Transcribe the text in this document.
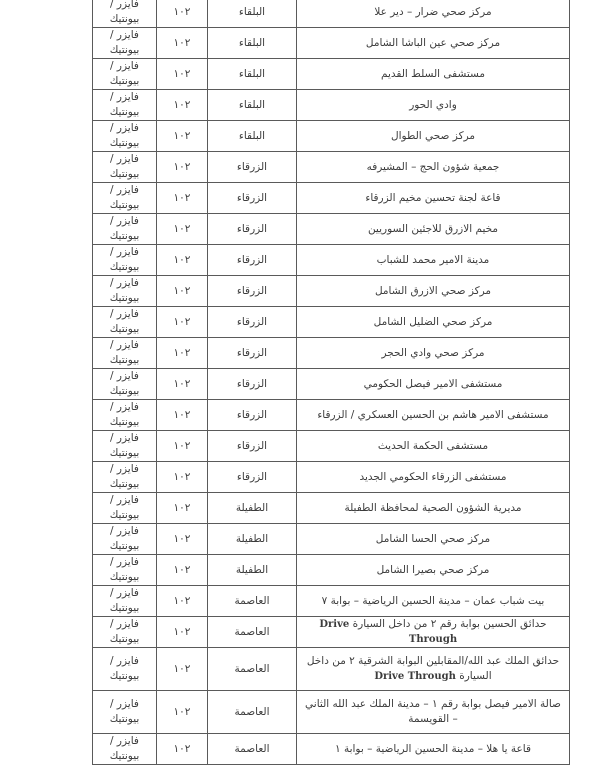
مركز صحي ضرار – دير علا	البلقاء	١٠٢	فايزر / بيونتيك
مركز صحي عين الباشا الشامل	البلقاء	١٠٢	فايزر / بيونتيك
مستشفى السلط القديم	البلقاء	١٠٢	فايزر / بيونتيك
وادي الحور	البلقاء	١٠٢	فايزر / بيونتيك
مركز صحي الطوال	البلقاء	١٠٢	فايزر / بيونتيك
جمعية شؤون الحج – المشيرفه	الزرقاء	١٠٢	فايزر / بيونتيك
قاعة لجنة تحسين مخيم الزرقاء	الزرقاء	١٠٢	فايزر / بيونتيك
مخيم الازرق للاجئين السوريين	الزرقاء	١٠٢	فايزر / بيونتيك
مدينة الامير محمد للشباب	الزرقاء	١٠٢	فايزر / بيونتيك
مركز صحي الازرق الشامل	الزرقاء	١٠٢	فايزر / بيونتيك
مركز صحي الضليل الشامل	الزرقاء	١٠٢	فايزر / بيونتيك
مركز صحي وادي الحجر	الزرقاء	١٠٢	فايزر / بيونتيك
مستشفى الامير فيصل الحكومي	الزرقاء	١٠٢	فايزر / بيونتيك
مستشفى الامير هاشم بن الحسين العسكري / الزرقاء	الزرقاء	١٠٢	فايزر / بيونتيك
مستشفى الحكمة الحديث	الزرقاء	١٠٢	فايزر / بيونتيك
مستشفى الزرقاء الحكومي الجديد	الزرقاء	١٠٢	فايزر / بيونتيك
مديرية الشؤون الصحية لمحافظة الطفيلة	الطفيلة	١٠٢	فايزر / بيونتيك
مركز صحي الحسا الشامل	الطفيلة	١٠٢	فايزر / بيونتيك
مركز صحي بصيرا الشامل	الطفيلة	١٠٢	فايزر / بيونتيك
بيت شباب عمان – مدينة الحسين الرياضية – بوابة ٧	العاصمة	١٠٢	فايزر / بيونتيك
حدائق الحسين بوابة رقم ٢ من داخل السيارة Drive Through	العاصمة	١٠٢	فايزر / بيونتيك
حدائق الملك عبد الله/المقابلين البوابة الشرقية ٢ من داخل السيارة Drive Through	العاصمة	١٠٢	فايزر / بيونتيك
صالة الامير فيصل بوابة رقم ١ – مدينة الملك عبد الله الثاني – القويسمة	العاصمة	١٠٢	فايزر / بيونتيك
قاعة يا هلا – مدينة الحسين الرياضية – بوابة ١	العاصمة	١٠٢	فايزر / بيونتيك
